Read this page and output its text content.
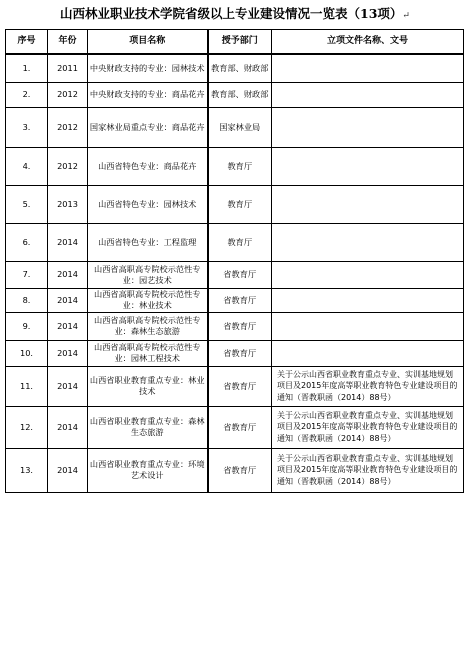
山西林业职业技术学院省级以上专业建设情况一览表（13项）↵
序号	年份	项目名称	授予部门	立项文件名称、文号
1.	2011	中央财政支持的专业：园林技术	教育部、财政部	
2.	2012	中央财政支持的专业：商品花卉	教育部、财政部	
3.	2012	国家林业局重点专业：商品花卉	国家林业局	
4.	2012	山西省特色专业：商品花卉	教育厅	
5.	2013	山西省特色专业：园林技术	教育厅	
6.	2014	山西省特色专业：工程监理	教育厅	
7.	2014	山西省高职高专院校示范性专业：园艺技术	省教育厅	
8.	2014	山西省高职高专院校示范性专业：林业技术	省教育厅	
9.	2014	山西省高职高专院校示范性专业：森林生态旅游	省教育厅	
10.	2014	山西省高职高专院校示范性专业：园林工程技术	省教育厅	
11.	2014	山西省职业教育重点专业：林业技术	省教育厅	关于公示山西省职业教育重点专业、实训基地规划项目及2015年度高等职业教育特色专业建设项目的通知（晋教职函（2014）88号）
12.	2014	山西省职业教育重点专业：森林生态旅游	省教育厅	关于公示山西省职业教育重点专业、实训基地规划项目及2015年度高等职业教育特色专业建设项目的通知（晋教职函（2014）88号）
13.	2014	山西省职业教育重点专业：环境艺术设计	省教育厅	关于公示山西省职业教育重点专业、实训基地规划项目及2015年度高等职业教育特色专业建设项目的通知（晋教职函（2014）88号）
